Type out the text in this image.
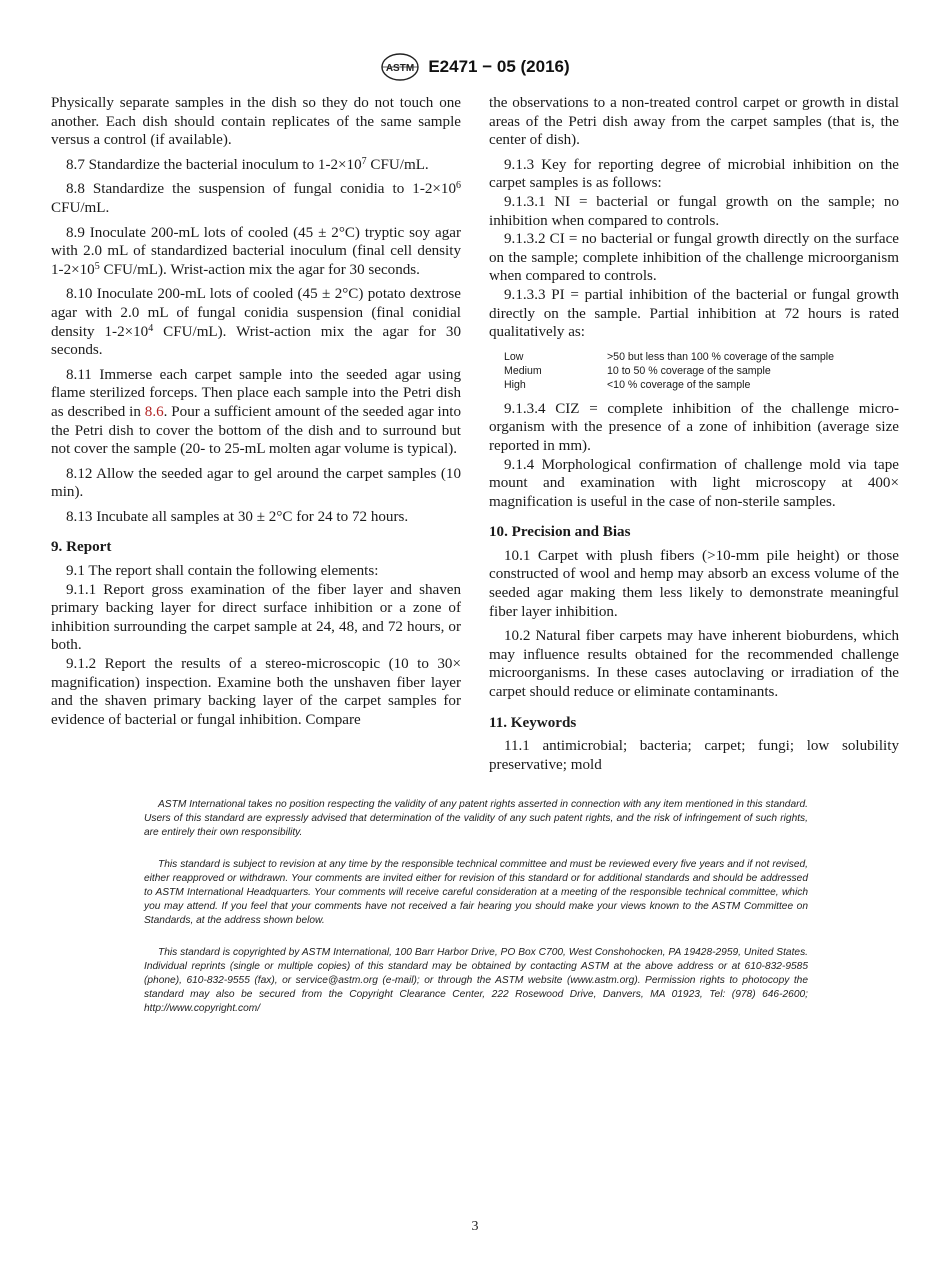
ASTM E2471 − 05 (2016)

Physically separate samples in the dish so they do not touch one another. Each dish should contain replicates of the same sample versus a control (if available).

8.7 Standardize the bacterial inoculum to $1-2\times 10^7$ CFU/mL.

8.8 Standardize the suspension of fungal conidia to $1-2\times 10^6$ CFU/mL.

8.9 Inoculate 200-mL lots of cooled (45 ± 2°C) tryptic soy agar with 2.0 mL of standardized bacterial inoculum (final cell density $1-2\times 10^5$ CFU/mL). Wrist-action mix the agar for 30 seconds.

8.10 Inoculate 200-mL lots of cooled (45 ± 2°C) potato dextrose agar with 2.0 mL of fungal conidia suspension (final conidial density $1-2\times 10^4$ CFU/mL). Wrist-action mix the agar for 30 seconds.

8.11 Immerse each carpet sample into the seeded agar using flame sterilized forceps. Then place each sample into the Petri dish as described in 8.6. Pour a sufficient amount of the seeded agar into the Petri dish to cover the bottom of the dish and to surround but not cover the sample (20- to 25-mL molten agar volume is typical).

8.12 Allow the seeded agar to gel around the carpet samples (10 min).

8.13 Incubate all samples at 30 ± 2°C for 24 to 72 hours.

9. Report

9.1 The report shall contain the following elements:

9.1.1 Report gross examination of the fiber layer and shaven primary backing layer for direct surface inhibition or a zone of inhibition surrounding the carpet sample at 24, 48, and 72 hours, or both.

9.1.2 Report the results of a stereo-microscopic (10 to 30× magnification) inspection. Examine both the unshaven fiber layer and the shaven primary backing layer of the carpet samples for evidence of bacterial or fungal inhibition. Compare

the observations to a non-treated control carpet or growth in distal areas of the Petri dish away from the carpet samples (that is, the center of dish).

9.1.3 Key for reporting degree of microbial inhibition on the carpet samples is as follows:

9.1.3.1 NI = bacterial or fungal growth on the sample; no inhibition when compared to controls.

9.1.3.2 CI = no bacterial or fungal growth directly on the surface on the sample; complete inhibition of the challenge microorganism when compared to controls.

9.1.3.3 PI = partial inhibition of the bacterial or fungal growth directly on the sample. Partial inhibition at 72 hours is rated qualitatively as:

Low	>50 but less than 100 % coverage of the sample
Medium	10 to 50 % coverage of the sample
High	<10 % coverage of the sample

9.1.3.4 CIZ = complete inhibition of the challenge micro-organism with the presence of a zone of inhibition (average size reported in mm).

9.1.4 Morphological confirmation of challenge mold via tape mount and examination with light microscopy at 400× magnification is useful in the case of non-sterile samples.

10. Precision and Bias

10.1 Carpet with plush fibers (>10-mm pile height) or those constructed of wool and hemp may absorb an excess volume of the seeded agar making them less likely to demonstrate meaningful fiber layer inhibition.

10.2 Natural fiber carpets may have inherent bioburdens, which may influence results obtained for the recommended challenge microorganisms. In these cases autoclaving or irradiation of the carpet should reduce or eliminate contaminants.

11. Keywords

11.1 antimicrobial; bacteria; carpet; fungi; low solubility preservative; mold

ASTM International takes no position respecting the validity of any patent rights asserted in connection with any item mentioned in this standard. Users of this standard are expressly advised that determination of the validity of any such patent rights, and the risk of infringement of such rights, are entirely their own responsibility.

This standard is subject to revision at any time by the responsible technical committee and must be reviewed every five years and if not revised, either reapproved or withdrawn. Your comments are invited either for revision of this standard or for additional standards and should be addressed to ASTM International Headquarters. Your comments will receive careful consideration at a meeting of the responsible technical committee, which you may attend. If you feel that your comments have not received a fair hearing you should make your views known to the ASTM Committee on Standards, at the address shown below.

This standard is copyrighted by ASTM International, 100 Barr Harbor Drive, PO Box C700, West Conshohocken, PA 19428-2959, United States. Individual reprints (single or multiple copies) of this standard may be obtained by contacting ASTM at the above address or at 610-832-9585 (phone), 610-832-9555 (fax), or service@astm.org (e-mail); or through the ASTM website (www.astm.org). Permission rights to photocopy the standard may also be secured from the Copyright Clearance Center, 222 Rosewood Drive, Danvers, MA 01923, Tel: (978) 646-2600; http://www.copyright.com/

3
